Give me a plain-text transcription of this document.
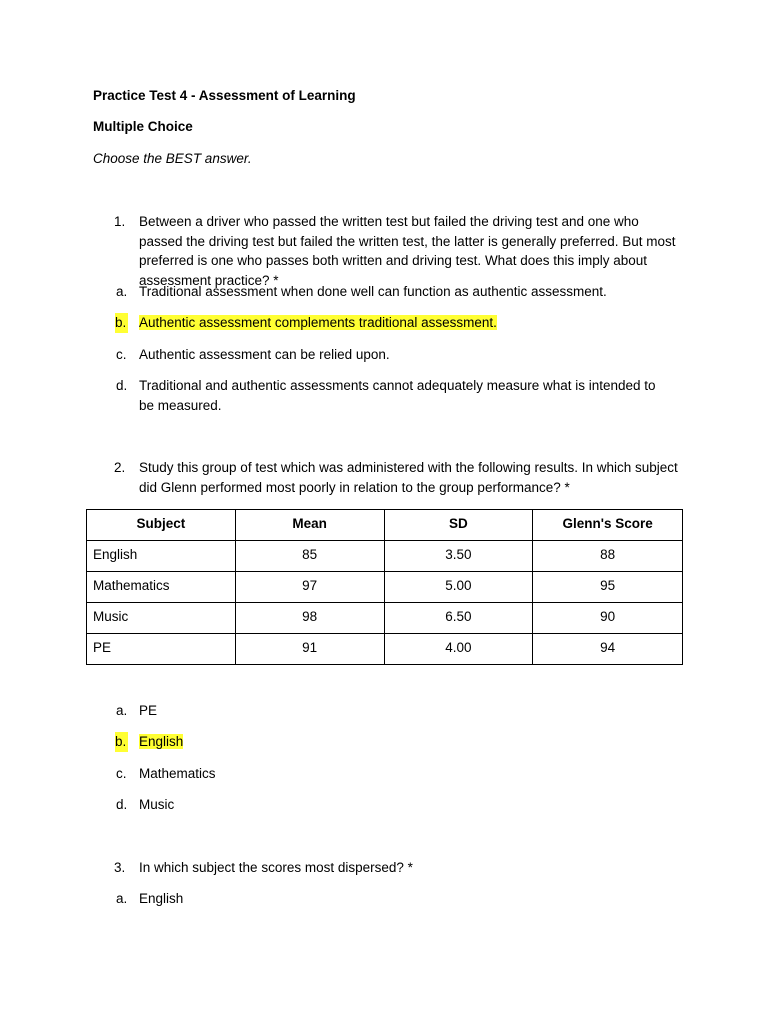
Practice Test 4 - Assessment of Learning
Multiple Choice
Choose the BEST answer.
1. Between a driver who passed the written test but failed the driving test and one who passed the driving test but failed the written test, the latter is generally preferred. But most preferred is one who passes both written and driving test. What does this imply about assessment practice? *
a. Traditional assessment when done well can function as authentic assessment.
b. Authentic assessment complements traditional assessment.
c. Authentic assessment can be relied upon.
d. Traditional and authentic assessments cannot adequately measure what is intended to be measured.
2. Study this group of test which was administered with the following results. In which subject did Glenn performed most poorly in relation to the group performance? *
Subject	Mean	SD	Glenn's Score
English	85	3.50	88
Mathematics	97	5.00	95
Music	98	6.50	90
PE	91	4.00	94
a. PE
b. English
c. Mathematics
d. Music
3. In which subject the scores most dispersed? *
a. English
